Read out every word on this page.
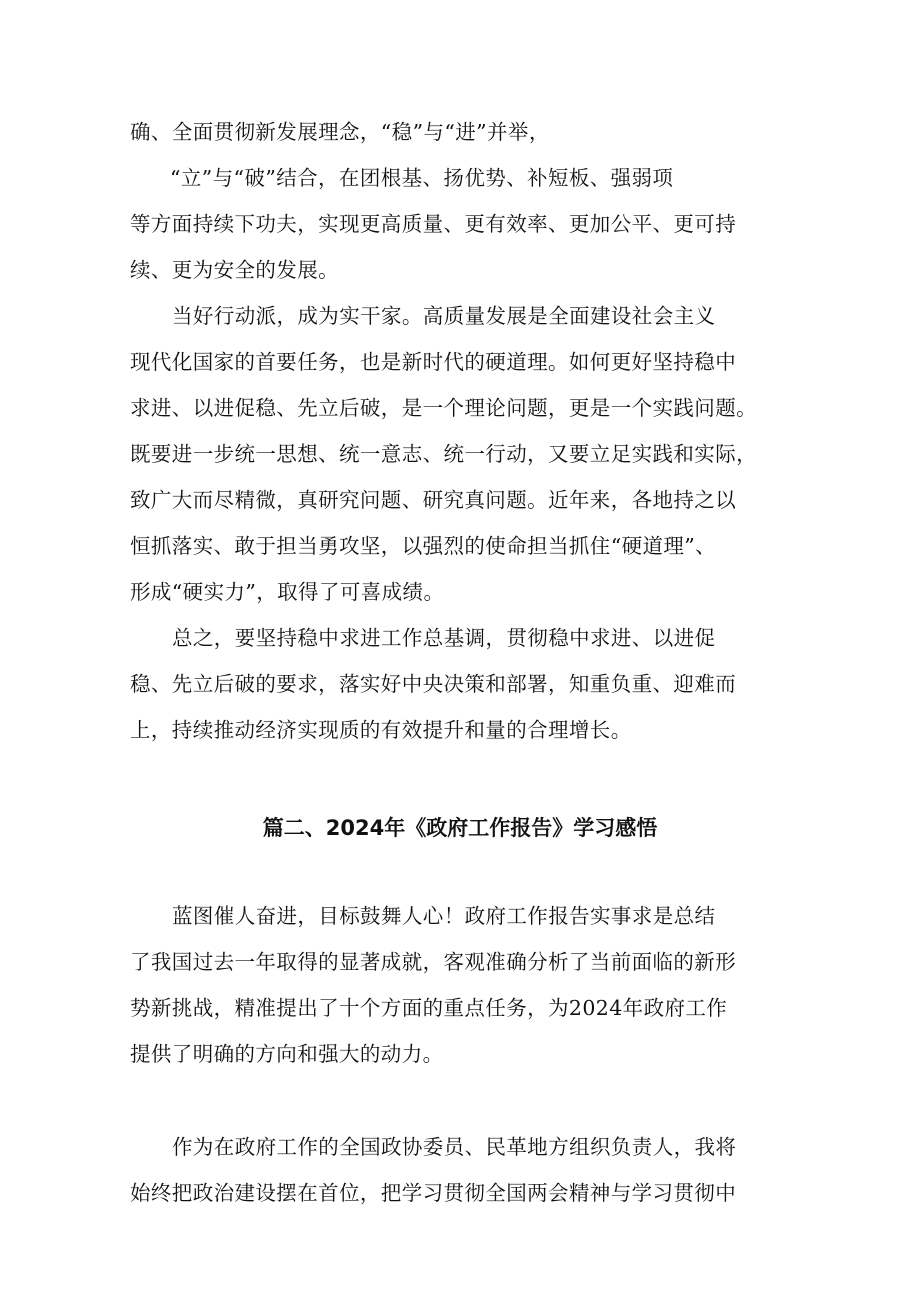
确、全面贯彻新发展理念，“稳”与“进”并举，
“立”与“破”结合，在团根基、扬优势、补短板、强弱项
等方面持续下功夫，实现更高质量、更有效率、更加公平、更可持
续、更为安全的发展。
当好行动派，成为实干家。高质量发展是全面建设社会主义
现代化国家的首要任务，也是新时代的硬道理。如何更好坚持稳中
求进、以进促稳、先立后破，是一个理论问题，更是一个实践问题。
既要进一步统一思想、统一意志、统一行动，又要立足实践和实际，
致广大而尽精微，真研究问题、研究真问题。近年来，各地持之以
恒抓落实、敢于担当勇攻坚，以强烈的使命担当抓住“硬道理”、
形成“硬实力”，取得了可喜成绩。
总之，要坚持稳中求进工作总基调，贯彻稳中求进、以进促
稳、先立后破的要求，落实好中央决策和部署，知重负重、迎难而
上，持续推动经济实现质的有效提升和量的合理增长。
篇二、2024年《政府工作报告》学习感悟
蓝图催人奋进，目标鼓舞人心！政府工作报告实事求是总结
了我国过去一年取得的显著成就，客观准确分析了当前面临的新形
势新挑战，精准提出了十个方面的重点任务，为2024年政府工作
提供了明确的方向和强大的动力。
作为在政府工作的全国政协委员、民革地方组织负责人，我将
始终把政治建设摆在首位，把学习贯彻全国两会精神与学习贯彻中
